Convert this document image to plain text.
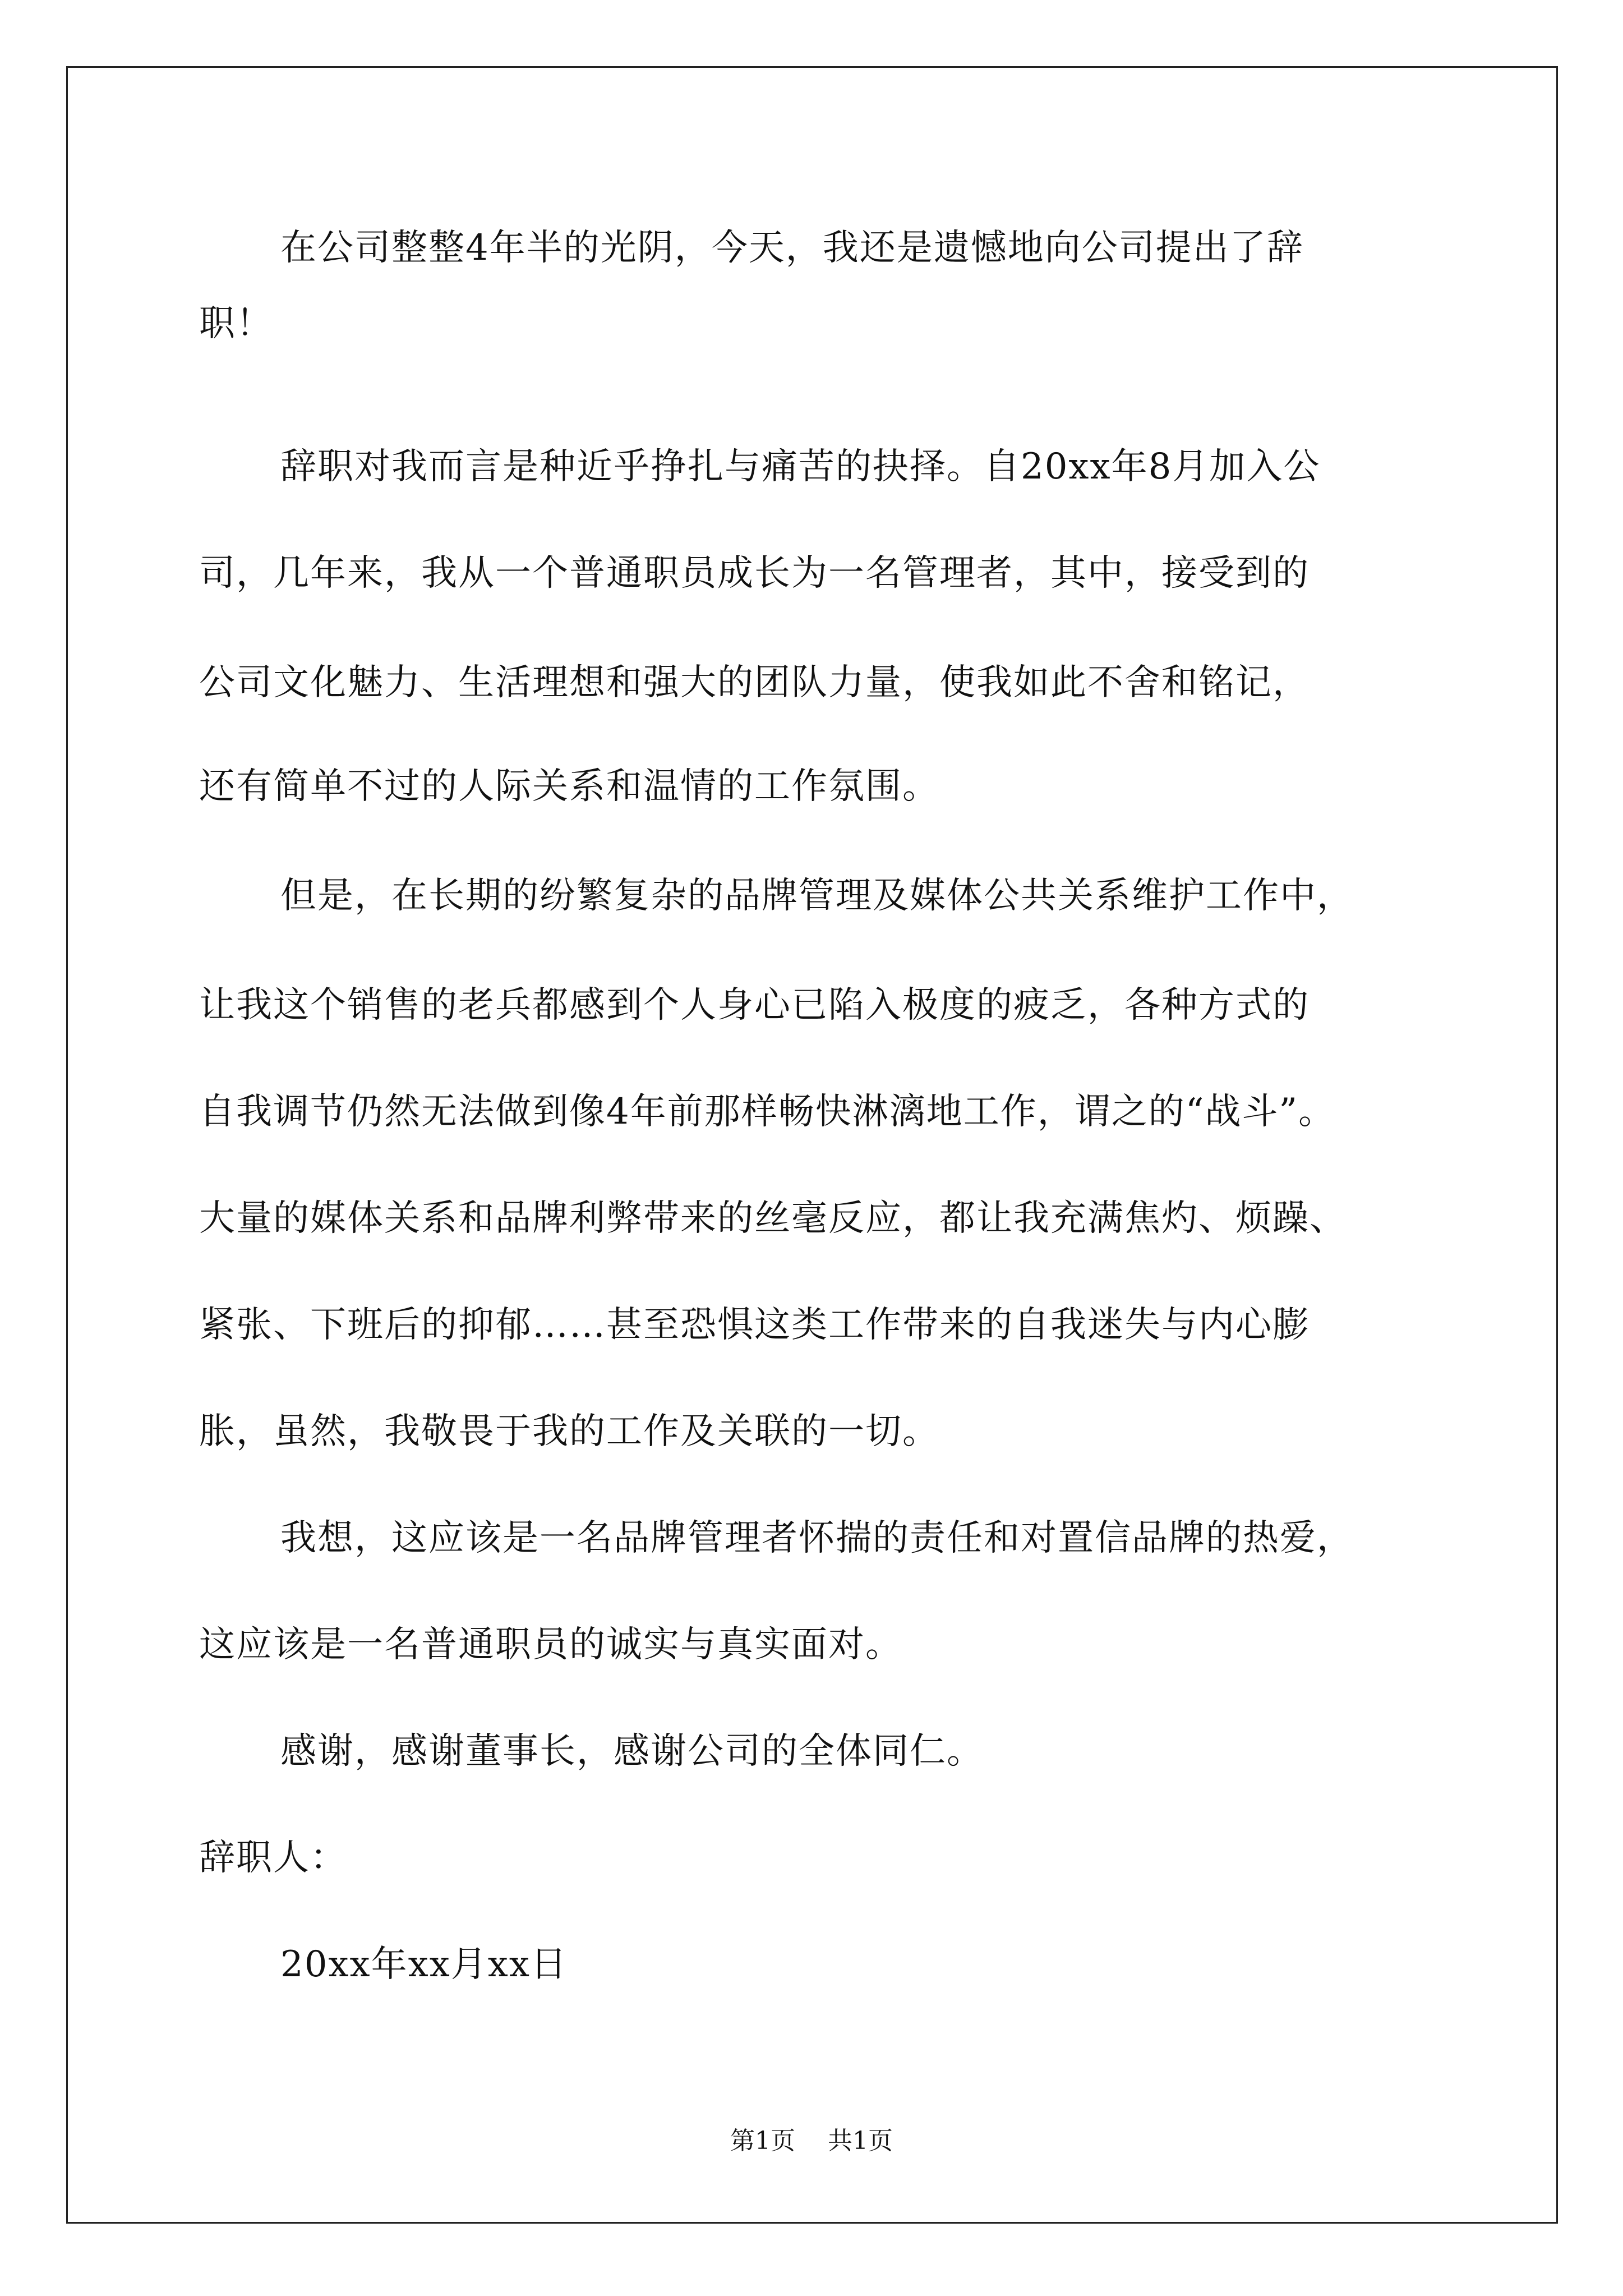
在公司整整4年半的光阴，今天，我还是遗憾地向公司提出了辞
职！
辞职对我而言是种近乎挣扎与痛苦的抉择。自20xx年8月加入公
司，几年来，我从一个普通职员成长为一名管理者，其中，接受到的
公司文化魅力、生活理想和强大的团队力量，使我如此不舍和铭记，
还有简单不过的人际关系和温情的工作氛围。
但是，在长期的纷繁复杂的品牌管理及媒体公共关系维护工作中，
让我这个销售的老兵都感到个人身心已陷入极度的疲乏，各种方式的
自我调节仍然无法做到像4年前那样畅快淋漓地工作，谓之的“战斗”。
大量的媒体关系和品牌利弊带来的丝毫反应，都让我充满焦灼、烦躁、
紧张、下班后的抑郁……甚至恐惧这类工作带来的自我迷失与内心膨
胀，虽然，我敬畏于我的工作及关联的一切。
我想，这应该是一名品牌管理者怀揣的责任和对置信品牌的热爱，
这应该是一名普通职员的诚实与真实面对。
感谢，感谢董事长，感谢公司的全体同仁。
辞职人：
20xx年xx月xx日
第1页 共1页
